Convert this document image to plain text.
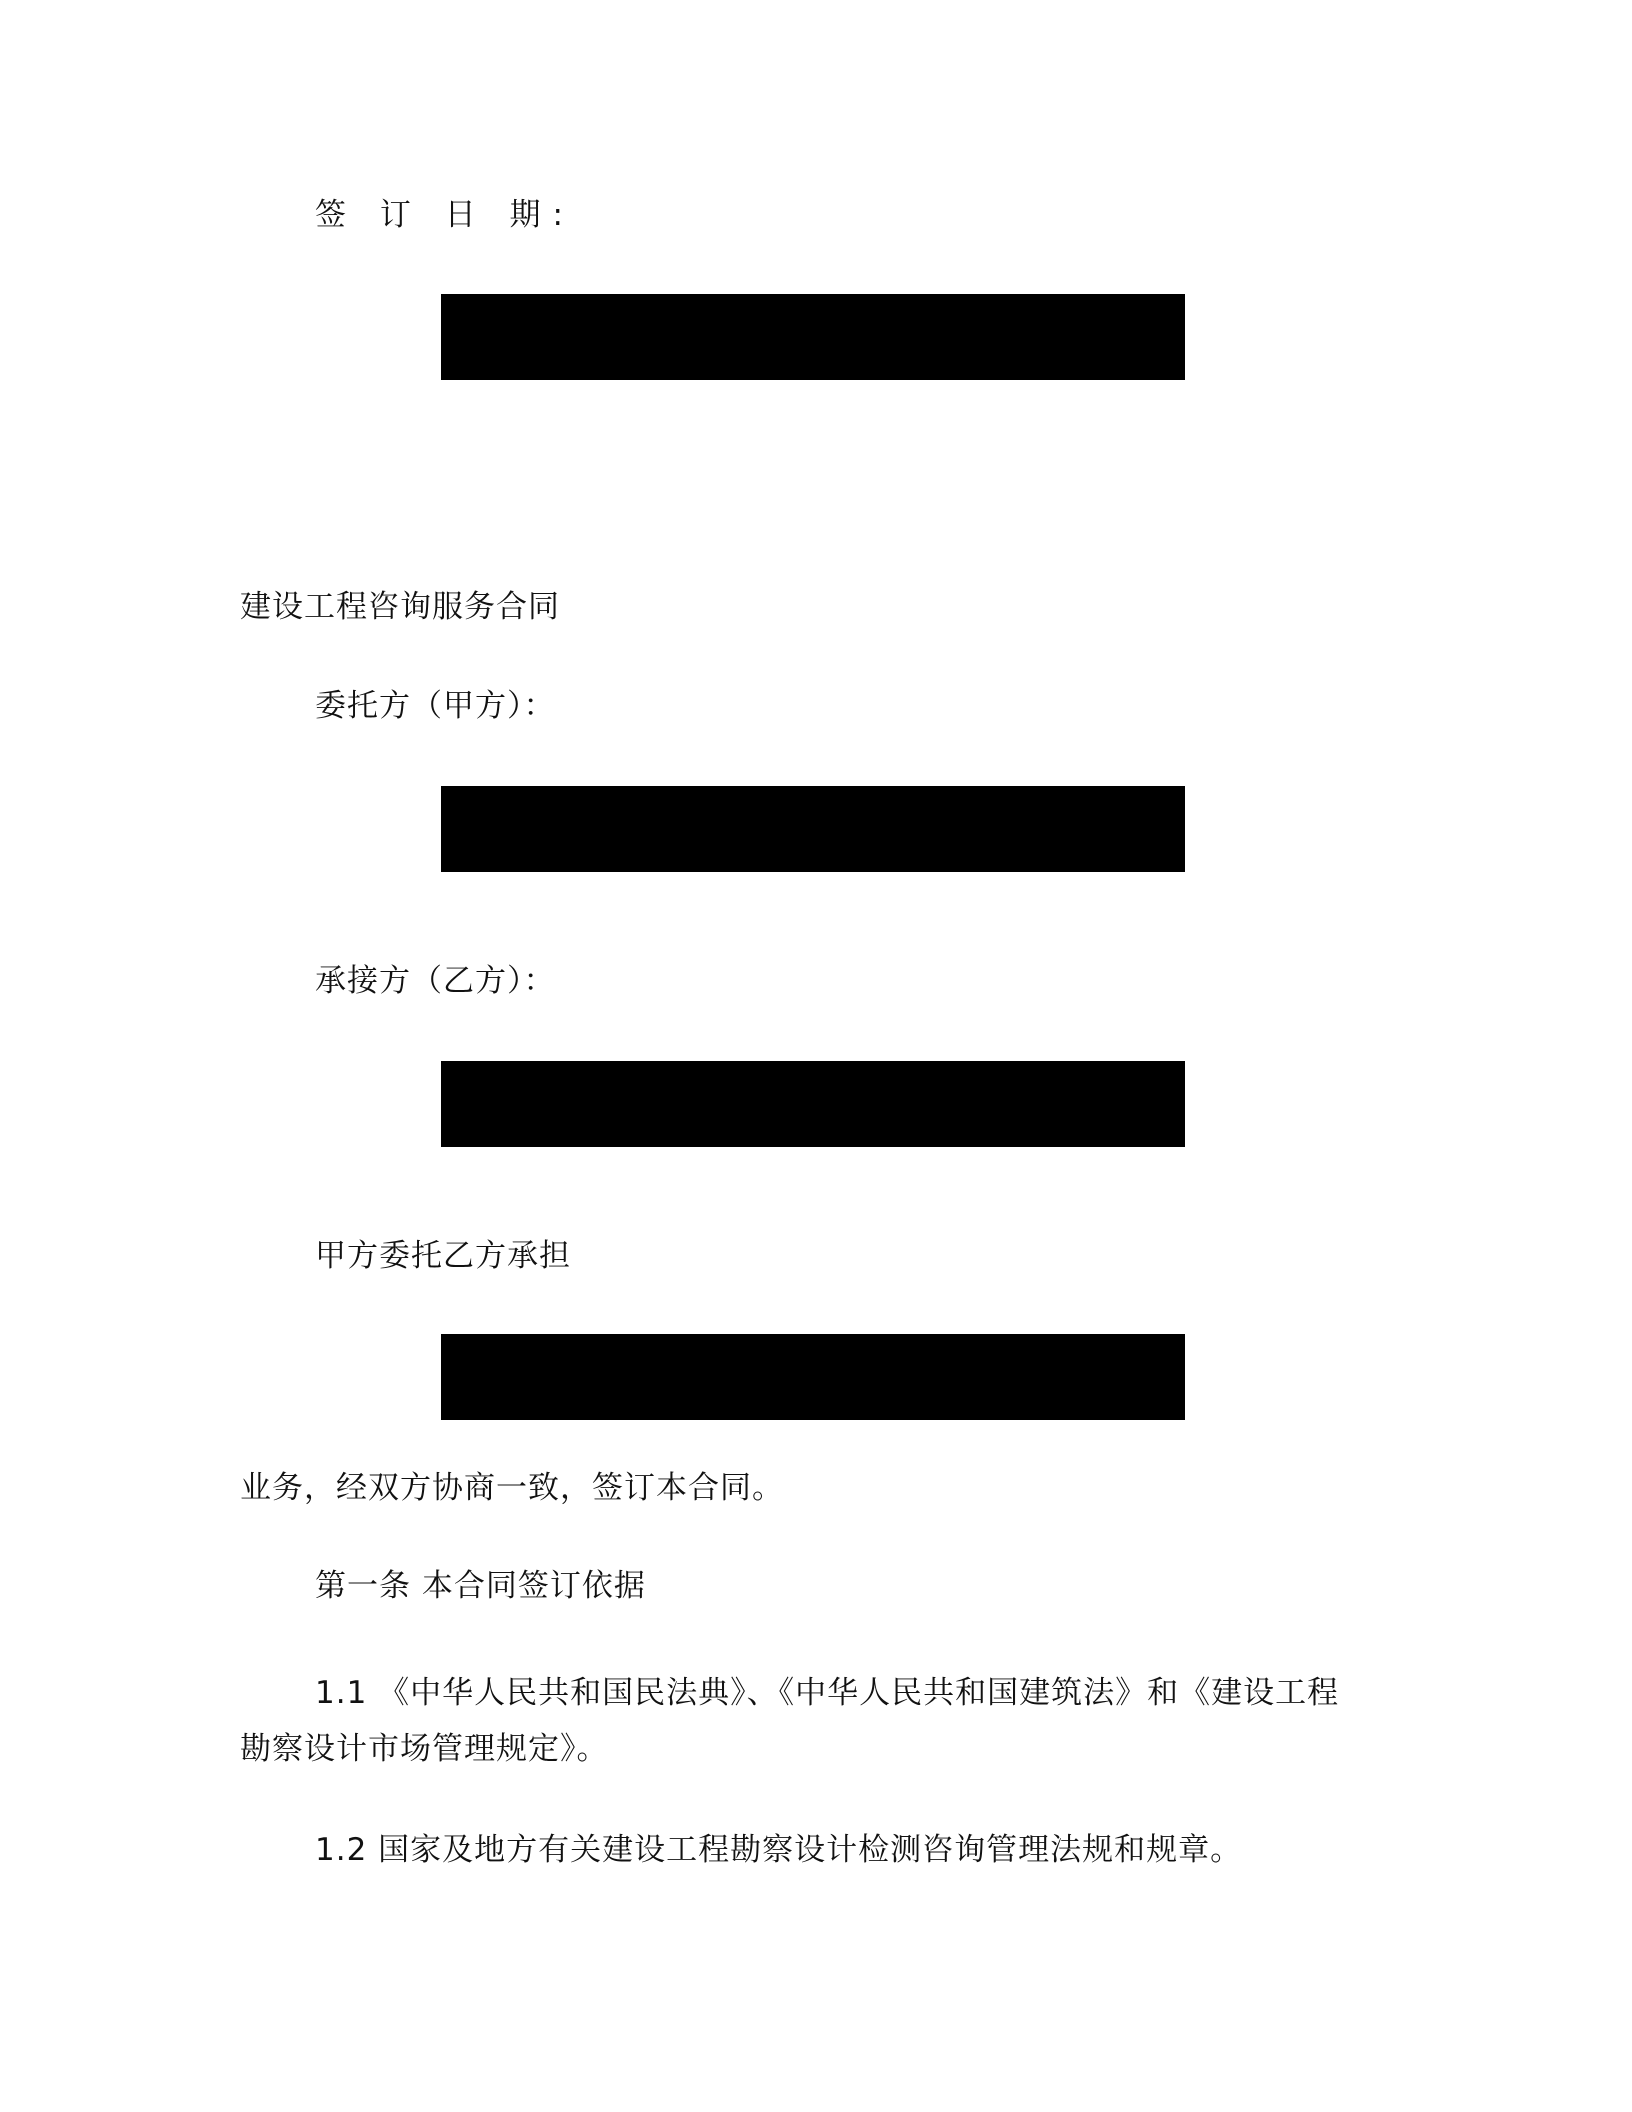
签 订 日 期:
建设工程咨询服务合同
委托方（甲方）：
承接方（乙方）：
甲方委托乙方承担
业务，经双方协商一致，签订本合同。
第一条 本合同签订依据
1.1 《中华人民共和国民法典》、《中华人民共和国建筑法》和《建设工程
勘察设计市场管理规定》。
1.2 国家及地方有关建设工程勘察设计检测咨询管理法规和规章。
